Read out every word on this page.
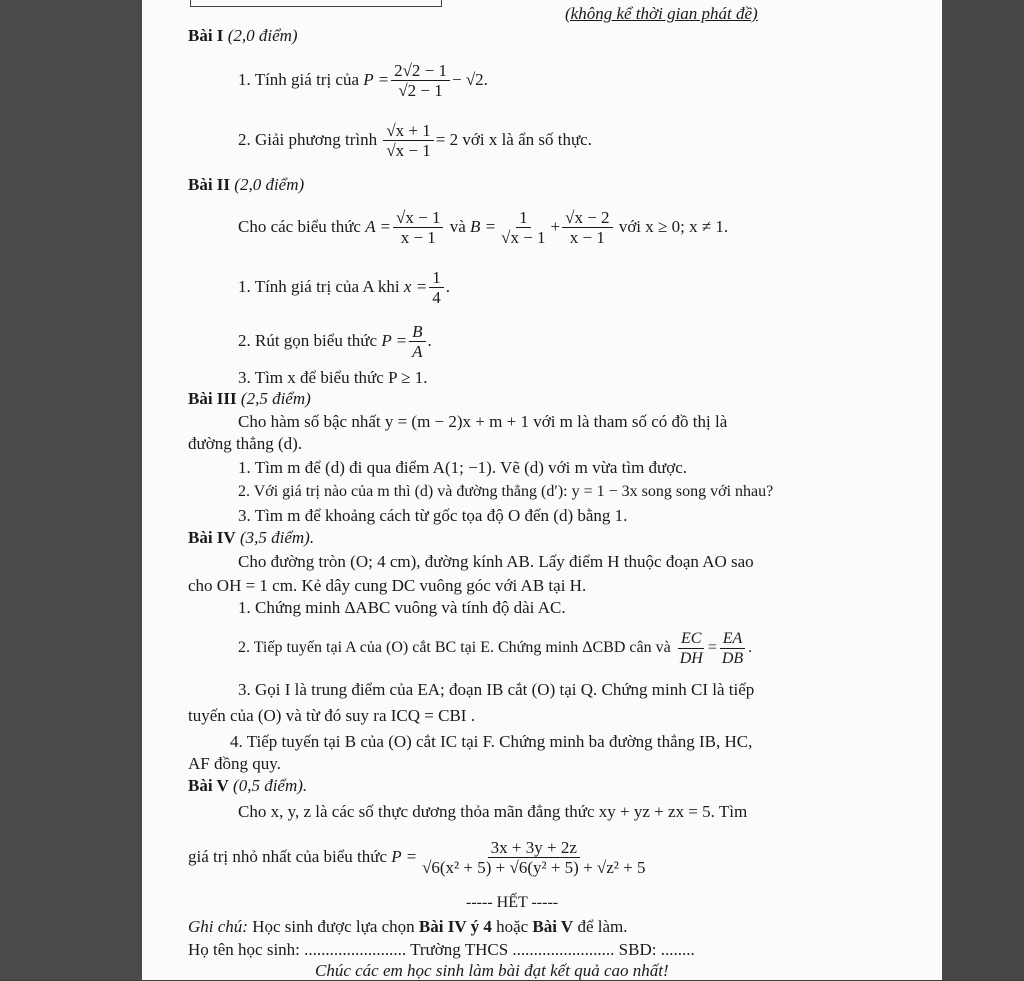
(không kể thời gian phát đề)
Bài I (2,0 điểm)
1. Tính giá trị của
$P = \frac{2√2 - 1}{√2 - 1} - √2$.
2. Giải phương trình
$\frac{√x + 1}{√x - 1} = 2$ với x là ẩn số thực.
Bài II (2,0 điểm)
Cho các biểu thức
$A = \frac{√x - 1}{x - 1}$
và
$B = \frac{1}{√x - 1} + \frac{√x - 2}{x - 1}$
với x ≥ 0; x ≠ 1.
1. Tính giá trị của A khi
$x = \frac{1}{4}$ .
2. Rút gọn biểu thức
$P = \frac{B}{A}$ .
3. Tìm x để biểu thức P ≥ 1.
Bài III (2,5 điểm)
Cho hàm số bậc nhất y = (m − 2)x + m + 1 với m là tham số có đồ thị là
đường thẳng (d).
1. Tìm m để (d) đi qua điểm A(1; −1). Vẽ (d) với m vừa tìm được.
2. Với giá trị nào của m thì (d) và đường thẳng (d′): y = 1 − 3x song song với nhau?
3. Tìm m để khoảng cách từ gốc tọa độ O đến (d) bằng 1.
Bài IV (3,5 điểm).
Cho đường tròn (O; 4 cm), đường kính AB. Lấy điểm H thuộc đoạn AO sao
cho OH = 1 cm. Kẻ dây cung DC vuông góc với AB tại H.
1. Chứng minh ΔABC vuông và tính độ dài AC.
2. Tiếp tuyến tại A của (O) cắt BC tại E. Chứng minh ΔCBD cân và
$\frac{EC}{DH} = \frac{EA}{DB}$ .
3. Gọi I là trung điểm của EA; đoạn IB cắt (O) tại Q. Chứng minh CI là tiếp
tuyến của (O) và từ đó suy ra ICQ = CBI .
4. Tiếp tuyến tại B của (O) cắt IC tại F. Chứng minh ba đường thẳng IB, HC,
AF đồng quy.
Bài V (0,5 điểm).
Cho x, y, z là các số thực dương thỏa mãn đẳng thức xy + yz + zx = 5. Tìm
giá trị nhỏ nhất của biểu thức
$P = \frac{3x + 3y + 2z}{\text{√6(x² + 5) + √6(y² + 5) + √z² + 5}}$
----- HẾT -----
Ghi chú: Học sinh được lựa chọn Bài IV ý 4 hoặc Bài V để làm.
Họ tên học sinh: ........................ Trường THCS ........................ SBD: ........
Chúc các em học sinh làm bài đạt kết quả cao nhất!
